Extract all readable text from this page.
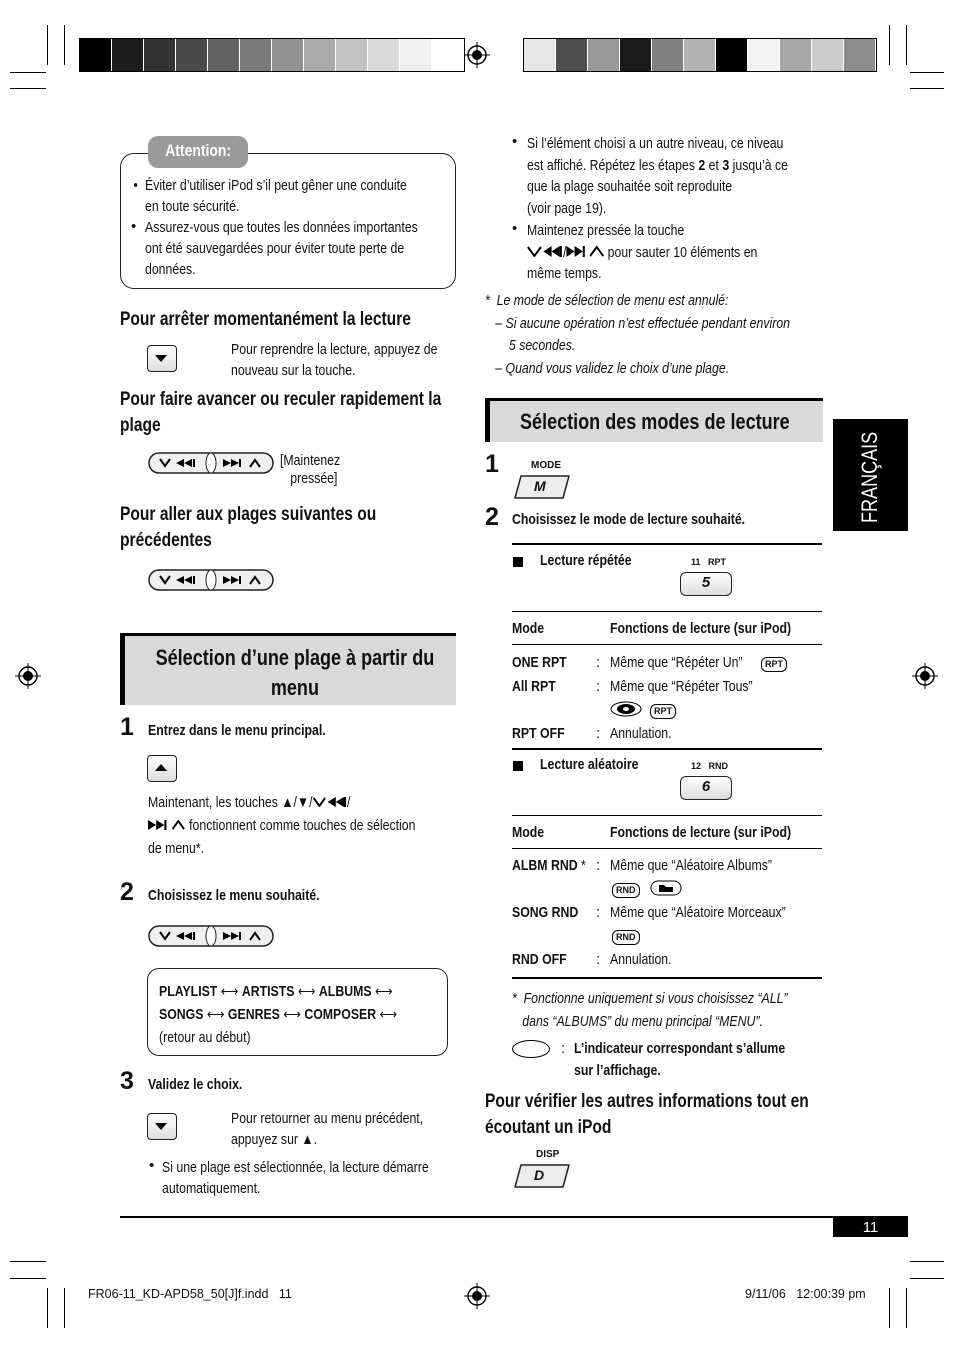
Attention:
Éviter d’utiliser iPod s’il peut gêner une conduite
en toute sécurité.
Assurez-vous que toutes les données importantes
ont été sauvegardées pour éviter toute perte de
données.
•
Pour arrêter momentanément la lecture
Pour reprendre la lecture, appuyez de
nouveau sur la touche.
Pour faire avancer ou reculer rapidement la
plage
[Maintenez
pressée]
Pour aller aux plages suivantes ou
précédentes
Sélection d’une plage à partir du
menu
1 Entrez dans le menu principal.
Maintenant, les touches ▲/▼/ /
fonctionnent comme touches de sélection
de menu*.
2 Choisissez le menu souhaité.
PLAYLIST ⟷ ARTISTS ⟷ ALBUMS ⟷
SONGS ⟷ GENRES ⟷ COMPOSER ⟷
(retour au début)
3 Validez le choix.
Pour retourner au menu précédent,
appuyez sur ▲.
Si une plage est sélectionnée, la lecture démarre
automatiquement.
•
• Si l’élément choisi a un autre niveau, ce niveau
est affiché. Répétez les étapes 2 et 3 jusqu’à ce
que la plage souhaitée soit reproduite
(voir page 19).
• Maintenez pressée la touche
/	pour sauter 10 éléments en
même temps.
* Le mode de sélection de menu est annulé:
– Si aucune opération n’est effectuée pendant environ
5 secondes.
– Quand vous validez le choix d’une plage.
Sélection des modes de lecture
1	MODE
M
2 Choisissez le mode de lecture souhaité.
Lecture répétée	11   RPT
5
Mode	Fonctions de lecture (sur iPod)
ONE RPT	: Même que “Répéter Un”	RPT
All RPT	: Même que “Répéter Tous”
RPT
RPT OFF	: Annulation.
Lecture aléatoire	12   RND
6
Mode	Fonctions de lecture (sur iPod)
ALBM RND * : Même que “Aléatoire Albums”
RND
SONG RND	: Même que “Aléatoire Morceaux”
RND
RND OFF	: Annulation.
* Fonctionne uniquement si vous choisissez “ALL”
dans “ALBUMS” du menu principal “MENU”.
: L’indicateur correspondant s’allume
sur l’affichage.
Pour vérifier les autres informations tout en
écoutant un iPod
DISP
D
FRANÇAIS
11
FR06-11_KD-APD58_50[J]f.indd   11	9/11/06   12:00:39 pm
